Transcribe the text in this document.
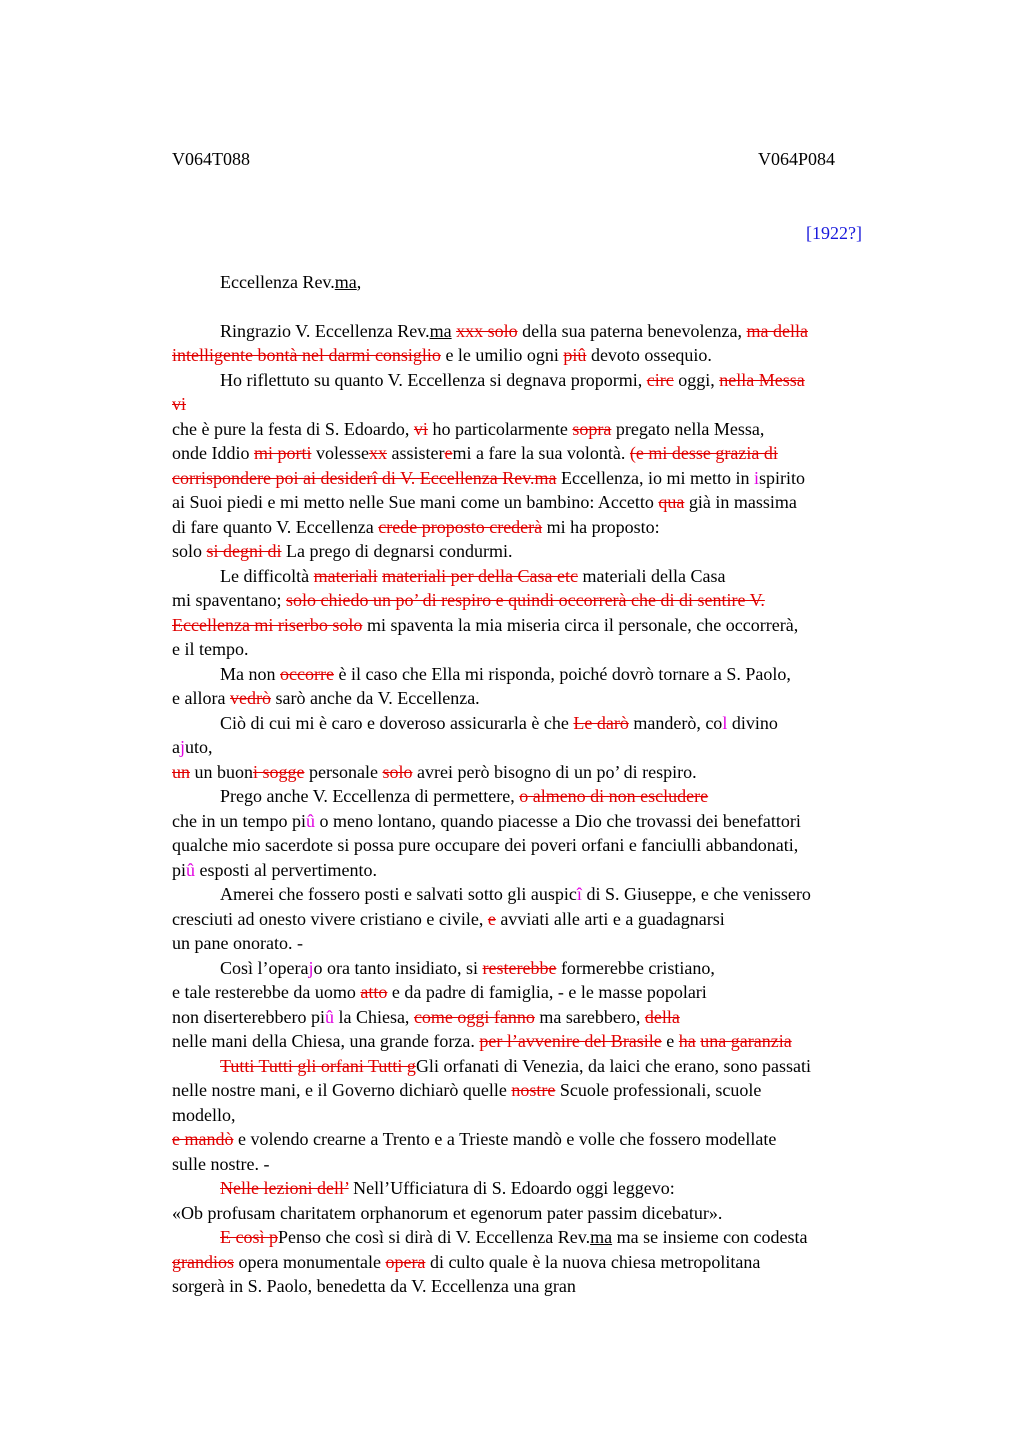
V064T088	V064P084
[1922?]

Eccellenza Rev.ma,

Ringrazio V. Eccellenza Rev.ma xxx solo della sua paterna benevolenza, ma della
intelligente bontà nel darmi consiglio e le umilio ogni piû devoto ossequio.
Ho riflettuto su quanto V. Eccellenza si degnava propormi, circ oggi, nella Messa
vi
che è pure la festa di S. Edoardo, vi ho particolarmente sopra pregato nella Messa,
onde Iddio mi porti volessexx assisteremi a fare la sua volontà. (e mi desse grazia di
corrispondere poi ai desiderî di V. Eccellenza Rev.ma Eccellenza, io mi metto in ispirito
ai Suoi piedi e mi metto nelle Sue mani come un bambino: Accetto qua già in massima
di fare quanto V. Eccellenza crede proposto crederà mi ha proposto:
solo si degni di La prego di degnarsi condurmi.
Le difficoltà materiali materiali per della Casa etc materiali della Casa
mi spaventano; solo chiedo un po’ di respiro e quindi occorrerà che di di sentire V.
Eccellenza mi riserbo solo mi spaventa la mia miseria circa il personale, che occorrerà,
e il tempo.
Ma non occorre è il caso che Ella mi risponda, poiché dovrò tornare a S. Paolo,
e allora vedrò sarò anche da V. Eccellenza.
Ciò di cui mi è caro e doveroso assicurarla è che Le darò manderò, col divino
ajuto,
un un buoni sogge personale solo avrei però bisogno di un po’ di respiro.
Prego anche V. Eccellenza di permettere, o almeno di non escludere
che in un tempo piû o meno lontano, quando piacesse a Dio che trovassi dei benefattori
qualche mio sacerdote si possa pure occupare dei poveri orfani e fanciulli abbandonati,
piû esposti al pervertimento.
Amerei che fossero posti e salvati sotto gli auspicî di S. Giuseppe, e che venissero
cresciuti ad onesto vivere cristiano e civile, e avviati alle arti e a guadagnarsi
un pane onorato. -
Così l’operajo ora tanto insidiato, si resterebbe formerebbe cristiano,
e tale resterebbe da uomo atto e da padre di famiglia, - e le masse popolari
non diserterebbero piû la Chiesa, come oggi fanno ma sarebbero, della
nelle mani della Chiesa, una grande forza. per l’avvenire del Brasile e ha una garanzia
Tutti Tutti gli orfani Tutti gGli orfanati di Venezia, da laici che erano, sono passati
nelle nostre mani, e il Governo dichiarò quelle nostre Scuole professionali, scuole
modello,
e mandò e volendo crearne a Trento e a Trieste mandò e volle che fossero modellate
sulle nostre. -
Nelle lezioni dell’ Nell’Ufficiatura di S. Edoardo oggi leggevo:
«Ob profusam charitatem orphanorum et egenorum pater passim dicebatur».
E così pPenso che così si dirà di V. Eccellenza Rev.ma ma se insieme con codesta
grandios opera monumentale opera di culto quale è la nuova chiesa metropolitana
sorgerà in S. Paolo, benedetta da V. Eccellenza una gran
